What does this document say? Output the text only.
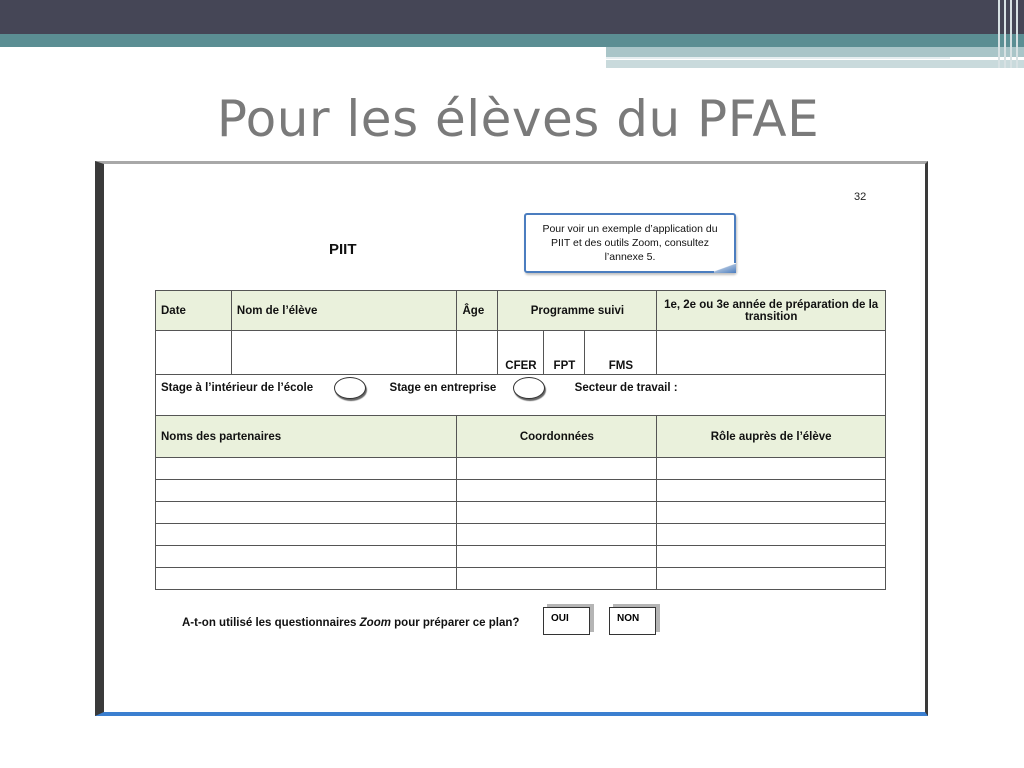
Pour les élèves du PFAE
32
PIIT
Pour voir un exemple d’application du
PIIT et des outils Zoom, consultez
l’annexe 5.
Date	Nom de l’élève	Âge	Programme suivi			1e, 2e ou 3e année de préparation de la transition
			CFER	FPT	FMS	
Stage à l’intérieur de l’école Stage en entreprise Secteur de travail :						
Noms des partenaires		Coordonnées				Rôle auprès de l’élève

A-t-on utilisé les questionnaires Zoom pour préparer ce plan?	OUI	NON
